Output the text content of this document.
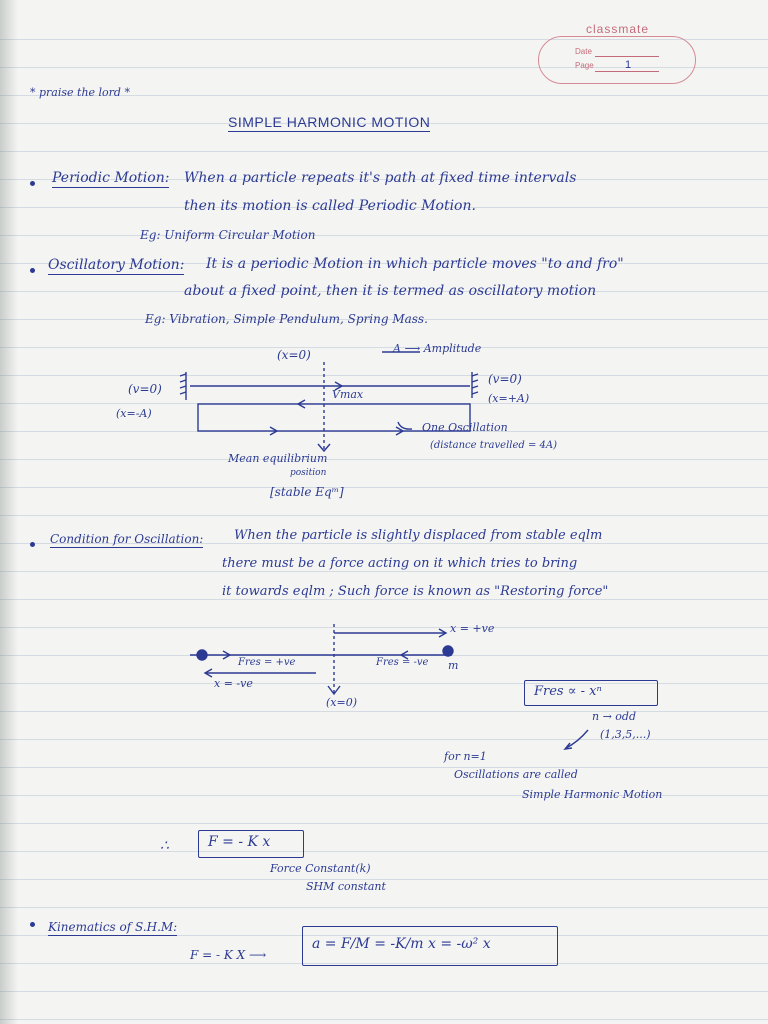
classmate
Date
Page	1
* praise the lord *
SIMPLE HARMONIC MOTION
Periodic Motion: When a particle repeats it's path at fixed time intervals
then its motion is called Periodic Motion.
Eg: Uniform Circular Motion
Oscillatory Motion: It is a periodic Motion in which particle moves "to and fro"
about a fixed point, then it is termed as oscillatory motion
Eg: Vibration, Simple Pendulum, Spring Mass.
(x=0)	A ⟶ Amplitude
(v=0)
(x=-A)
Vmax
(v=0)
(x=+A)
One Oscillation
(distance travelled = 4A)
Mean equilibrium
position
[stable Eqᵐ]
Condition for Oscillation: When the particle is slightly displaced from stable eqlm
there must be a force acting on it which tries to bring
it towards eqlm ; Such force is known as "Restoring force"
x = +ve
Fres = +ve	Fres = -ve m
x = -ve
(x=0)
Fres ∝ - xⁿ
n → odd
(1,3,5,...)
for n=1
Oscillations are called
Simple Harmonic Motion
∴	F = - K x
Force Constant(k)
SHM constant
Kinematics of S.H.M:
F = - K X ⟶
a = F/M = -K/m x = -ω² x
